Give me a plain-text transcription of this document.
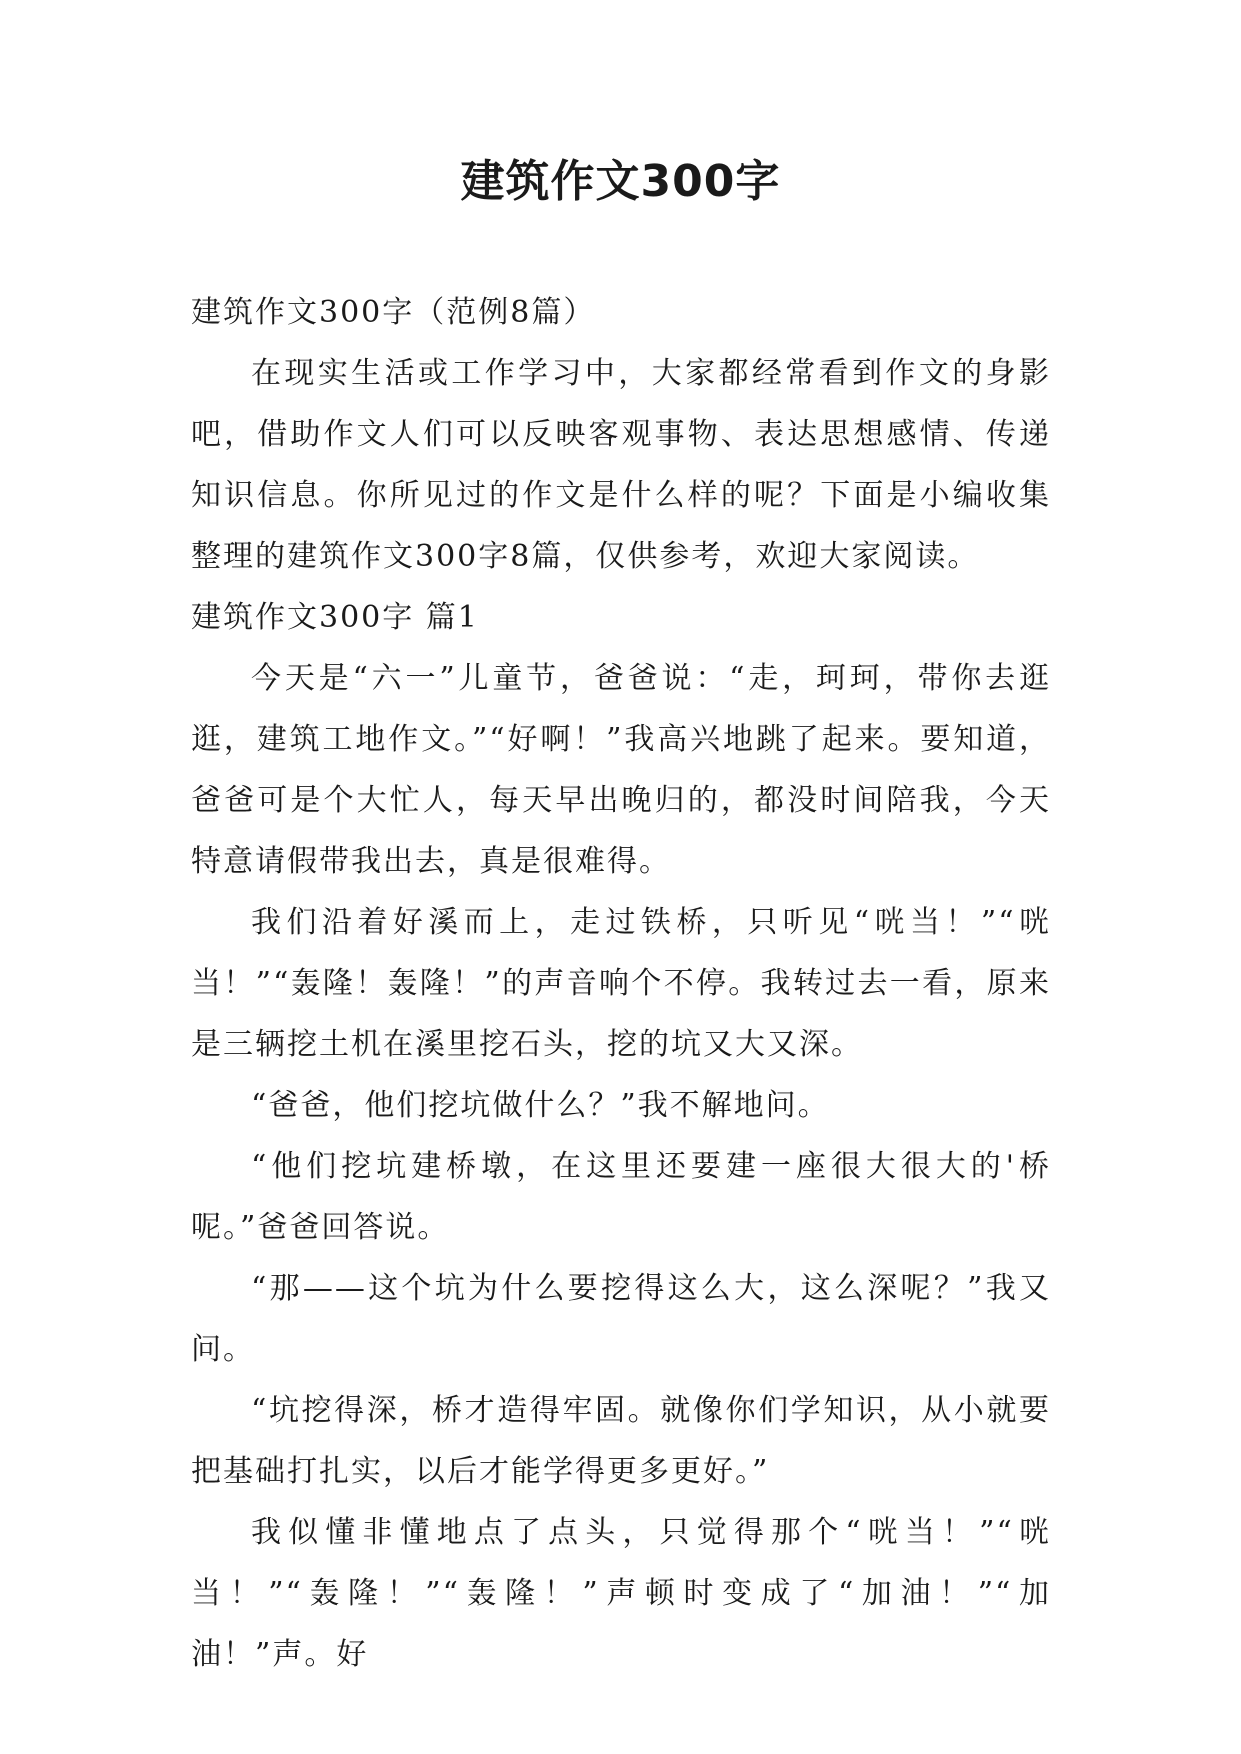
建筑作文300字

建筑作文300字（范例8篇）

在现实生活或工作学习中，大家都经常看到作文的身影吧，借助作文人们可以反映客观事物、表达思想感情、传递知识信息。你所见过的作文是什么样的呢？下面是小编收集整理的建筑作文300字8篇，仅供参考，欢迎大家阅读。

建筑作文300字 篇1

今天是“六一”儿童节，爸爸说：“走，珂珂，带你去逛逛，建筑工地作文。”“好啊！”我高兴地跳了起来。要知道，爸爸可是个大忙人，每天早出晚归的，都没时间陪我，今天特意请假带我出去，真是很难得。

我们沿着好溪而上，走过铁桥，只听见“咣当！”“咣当！”“轰隆！轰隆！”的声音响个不停。我转过去一看，原来是三辆挖土机在溪里挖石头，挖的坑又大又深。

“爸爸，他们挖坑做什么？”我不解地问。

“他们挖坑建桥墩，在这里还要建一座很大很大的'桥呢。”爸爸回答说。

“那——这个坑为什么要挖得这么大，这么深呢？”我又问。

“坑挖得深，桥才造得牢固。就像你们学知识，从小就要把基础打扎实，以后才能学得更多更好。”

我似懂非懂地点了点头，只觉得那个“咣当！”“咣当！”“轰隆！”“轰隆！”声顿时变成了“加油！”“加油！”声。好
